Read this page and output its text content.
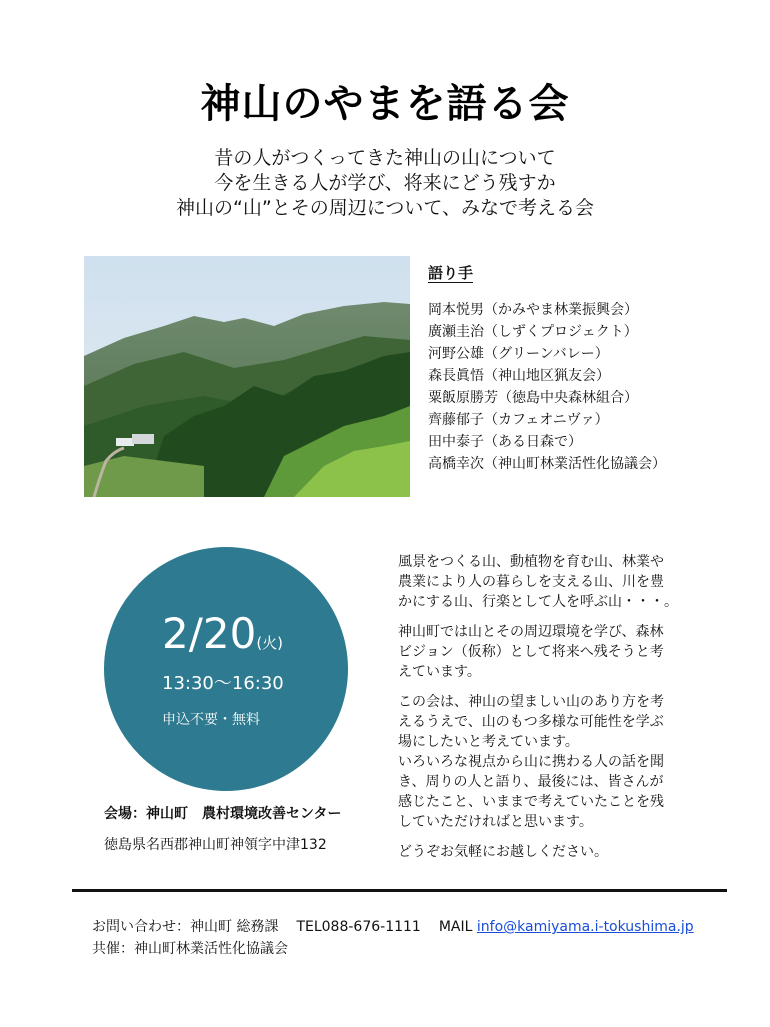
神山のやまを語る会
昔の人がつくってきた神山の山について
今を生きる人が学び、将来にどう残すか
神山の“山”とその周辺について、みなで考える会
語り手
岡本悦男（かみやま林業振興会）
廣瀬圭治（しずくプロジェクト）
河野公雄（グリーンバレー）
森長眞悟（神山地区猟友会）
粟飯原勝芳（徳島中央森林組合）
齊藤郁子（カフェオニヴァ）
田中泰子（ある日森で）
高橋幸次（神山町林業活性化協議会）
2/20(火)
13:30～16:30
申込不要・無料
会場：神山町　農村環境改善センター
徳島県名西郡神山町神領字中津132

風景をつくる山、動植物を育む山、林業や
農業により人の暮らしを支える山、川を豊
かにする山、行楽として人を呼ぶ山・・・。

神山町では山とその周辺環境を学び、森林
ビジョン（仮称）として将来へ残そうと考
えています。

この会は、神山の望ましい山のあり方を考
えるうえで、山のもつ多様な可能性を学ぶ
場にしたいと考えています。

いろいろな視点から山に携わる人の話を聞
き、周りの人と語り、最後には、皆さんが
感じたこと、いままで考えていたことを残
していただければと思います。

どうぞお気軽にお越しください。

お問い合わせ：神山町 総務課 TEL088-676-1111 MAIL info@kamiyama.i-tokushima.jp
共催：神山町林業活性化協議会
